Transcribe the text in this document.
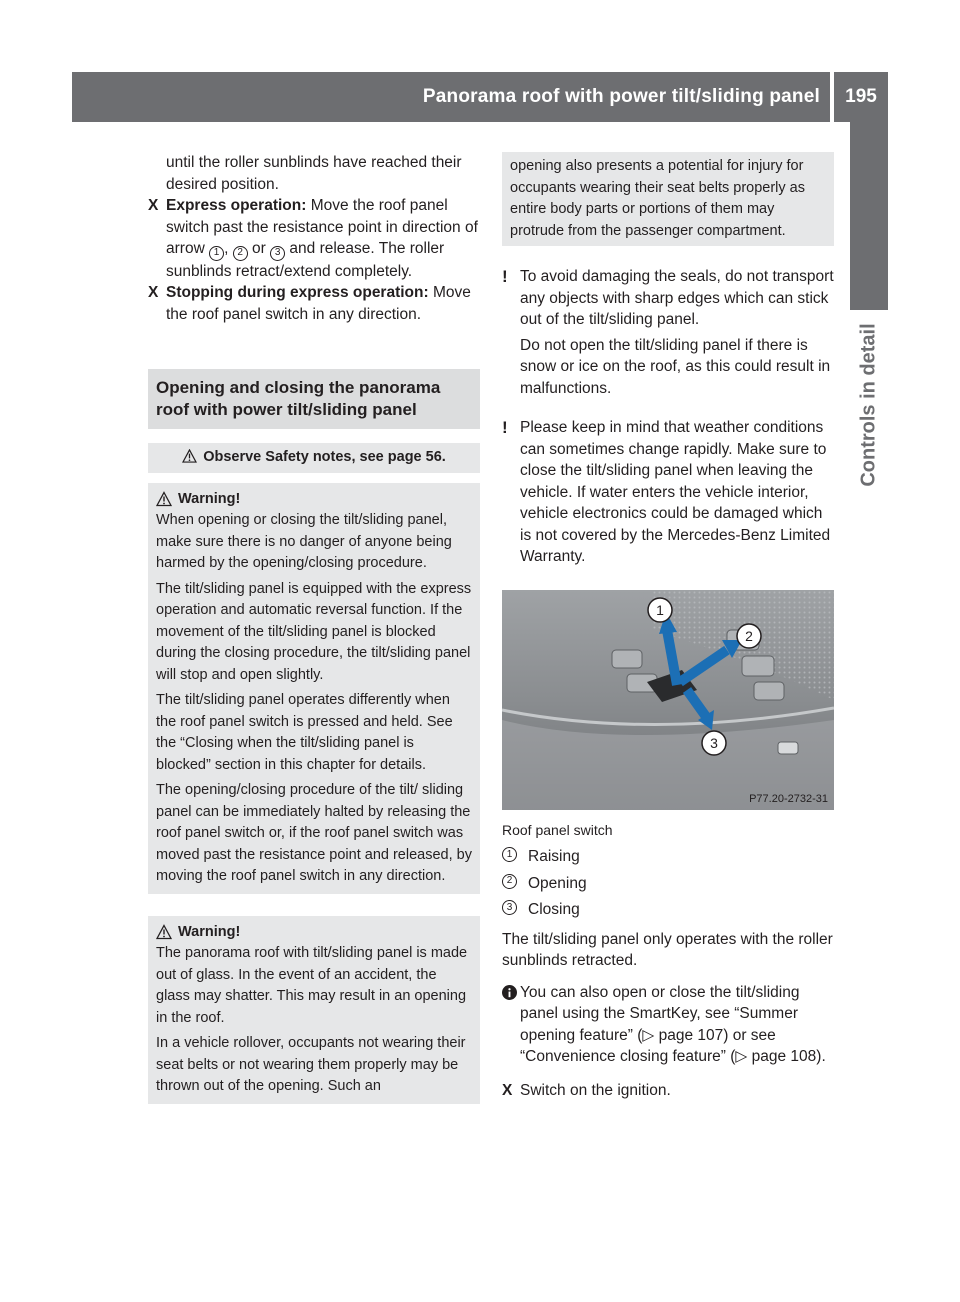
Panorama roof with power tilt/sliding panel	195
Controls in detail

until the roller sunblinds have reached their desired position.

X Express operation: Move the roof panel switch past the resistance point in direction of arrow 1 , 2 or 3 and release. The roller sunblinds retract/extend completely.
X Stopping during express operation: Move the roof panel switch in any direction.
Opening and closing the panorama roof with power tilt/sliding panel
Observe Safety notes, see page 56.
Warning!

When opening or closing the tilt/sliding panel, make sure there is no danger of anyone being harmed by the opening/closing procedure.

The tilt/sliding panel is equipped with the express operation and automatic reversal function. If the movement of the tilt/sliding panel is blocked during the closing procedure, the tilt/sliding panel will stop and open slightly.

The tilt/sliding panel operates differently when the roof panel switch is pressed and held. See the “Closing when the tilt/sliding panel is blocked” section in this chapter for details.

The opening/closing procedure of the tilt/ sliding panel can be immediately halted by releasing the roof panel switch or, if the roof panel switch was moved past the resistance point and released, by moving the roof panel switch in any direction.

Warning!

The panorama roof with tilt/sliding panel is made out of glass. In the event of an accident, the glass may shatter. This may result in an opening in the roof.

In a vehicle rollover, occupants not wearing their seat belts or not wearing them properly may be thrown out of the opening. Such an

opening also presents a potential for injury for occupants wearing their seat belts properly as entire body parts or portions of them may protrude from the passenger compartment.

! To avoid damaging the seals, do not transport any objects with sharp edges which can stick out of the tilt/sliding panel.

Do not open the tilt/sliding panel if there is snow or ice on the roof, as this could result in malfunctions.

! Please keep in mind that weather conditions can sometimes change rapidly. Make sure to close the tilt/sliding panel when leaving the vehicle. If water enters the vehicle interior, vehicle electronics could be damaged which is not covered by the Mercedes-Benz Limited Warranty.

1
2
3
P77.20-2732-31

Roof panel switch

1	Raising
2	Opening
3	Closing

The tilt/sliding panel only operates with the roller sunblinds retracted.

You can also open or close the tilt/sliding panel using the SmartKey, see “Summer opening feature” (▷ page 107) or see “Convenience closing feature” (▷ page 108).

X Switch on the ignition.
